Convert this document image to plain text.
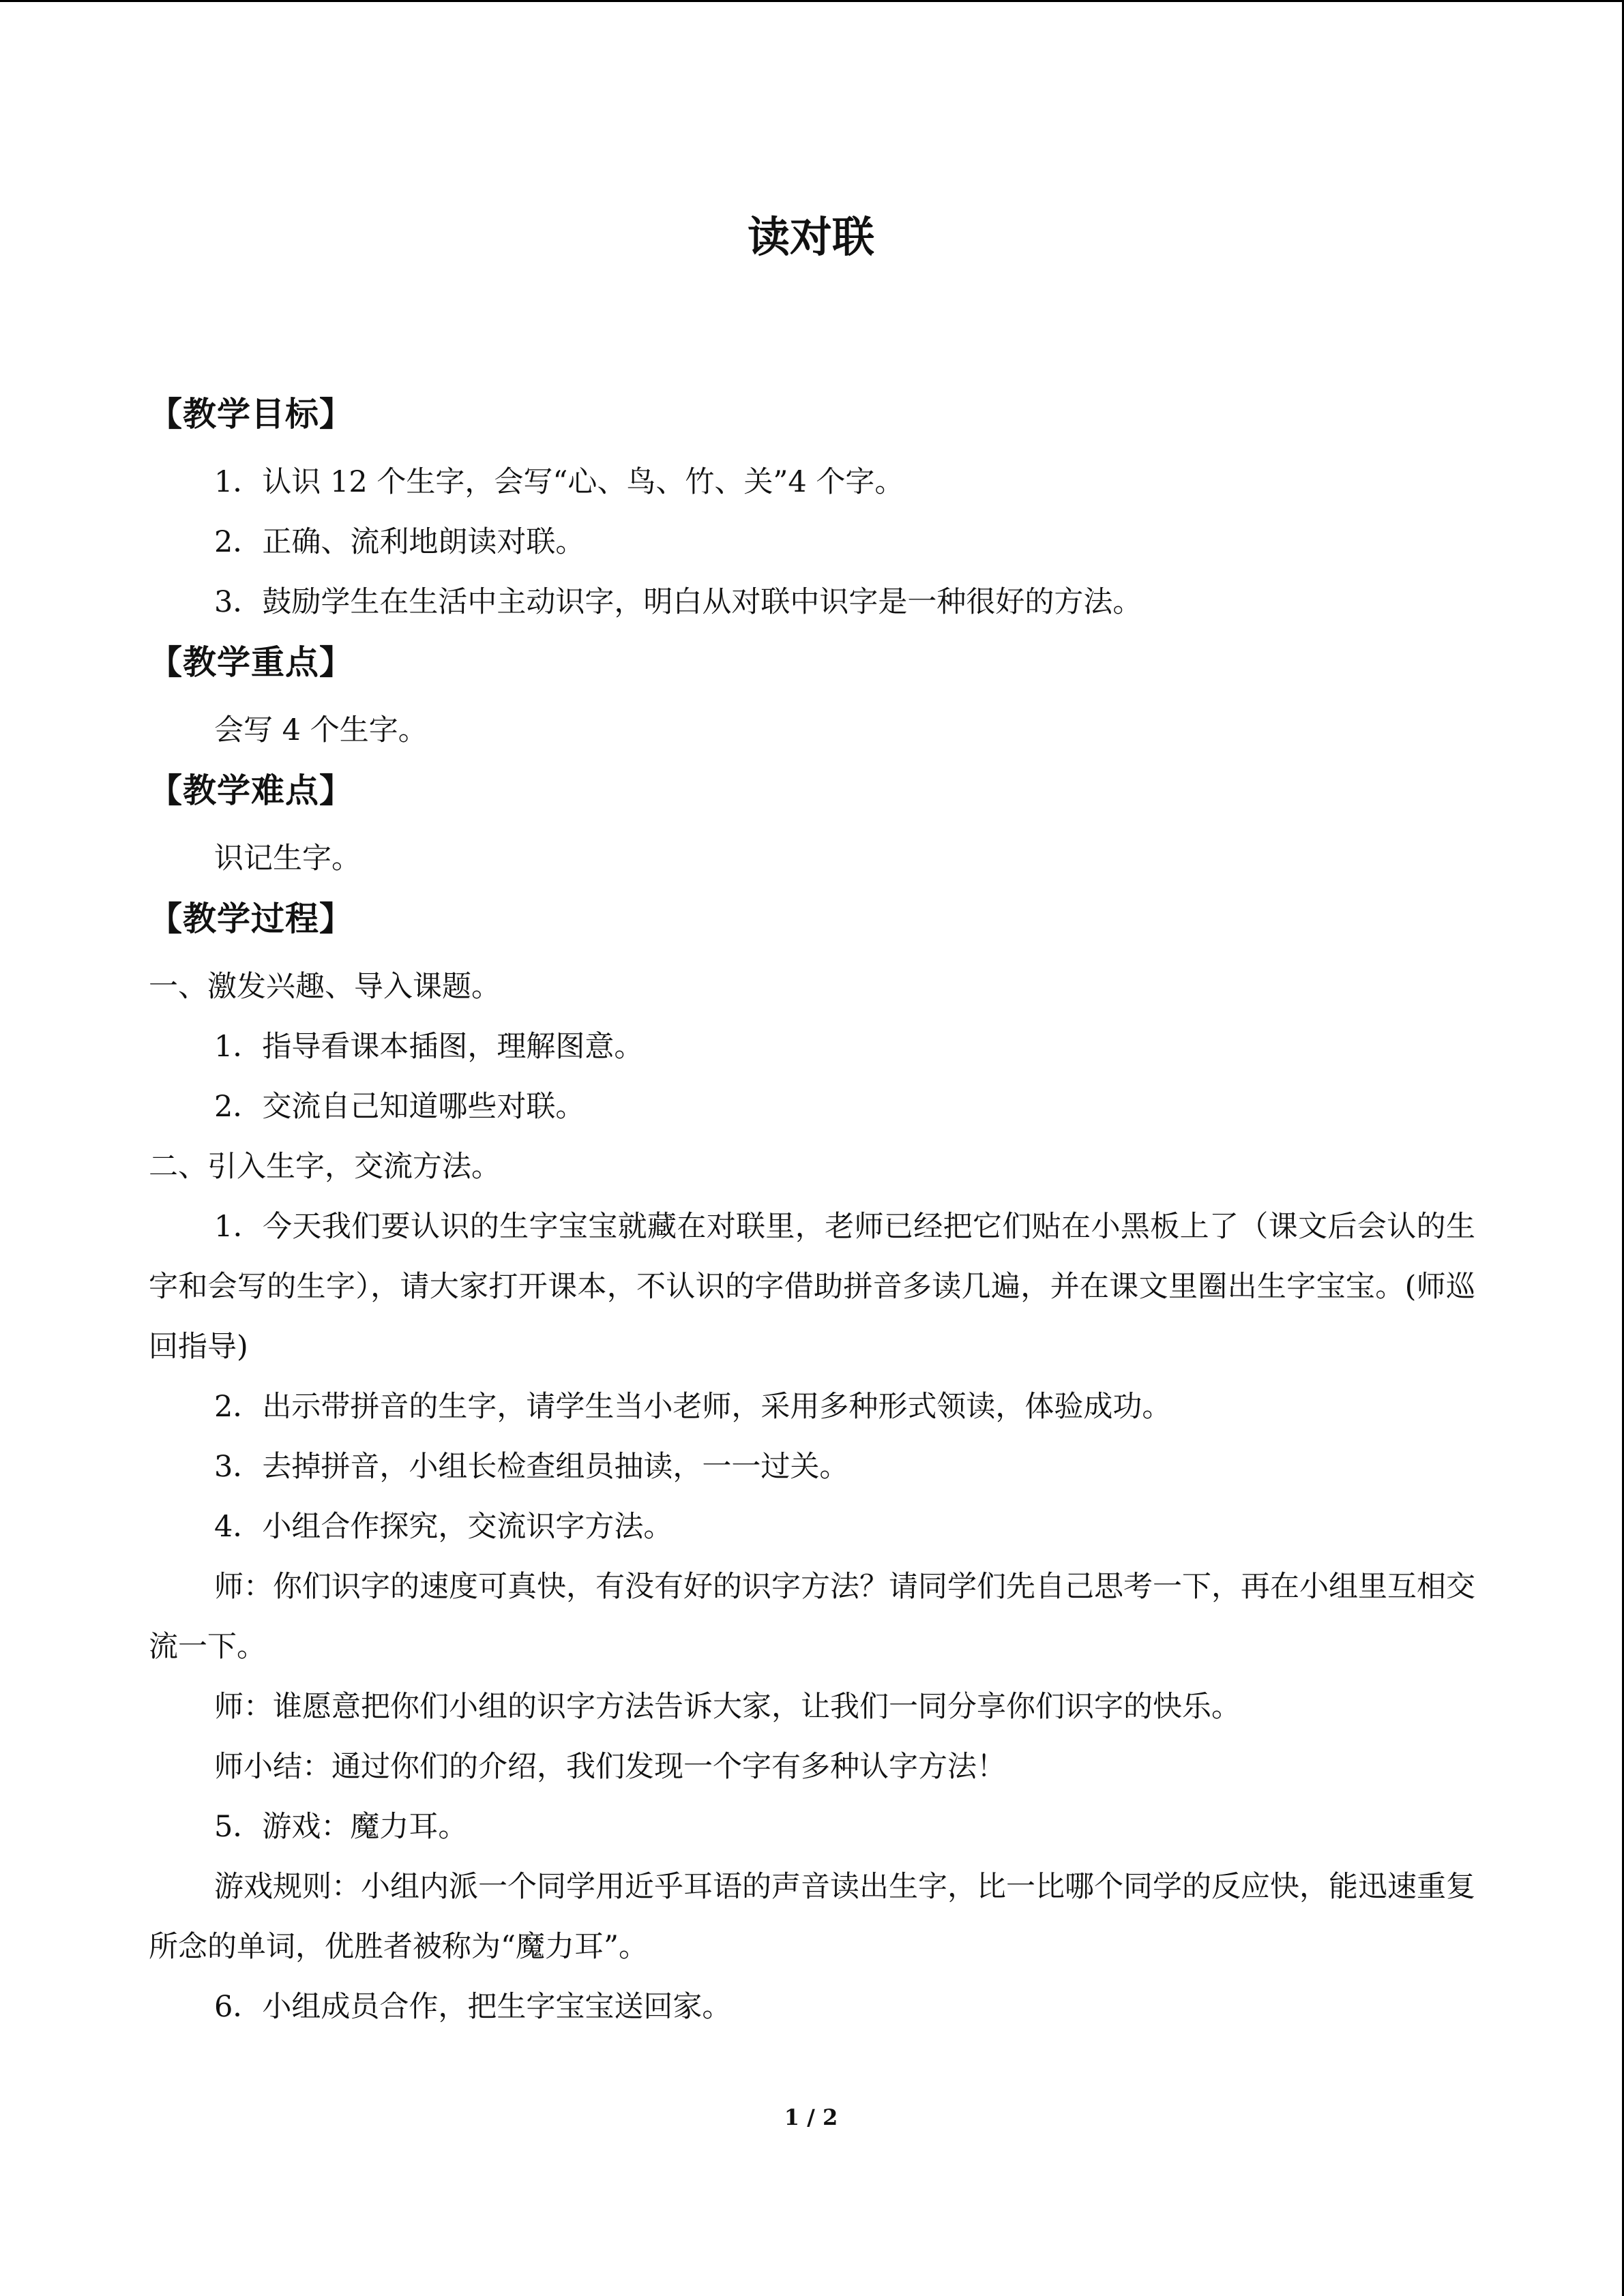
读对联
【教学目标】

1．认识 12 个生字，会写“心、鸟、竹、关”4 个字。

2．正确、流利地朗读对联。

3．鼓励学生在生活中主动识字，明白从对联中识字是一种很好的方法。

【教学重点】

会写 4 个生字。

【教学难点】

识记生字。

【教学过程】

一、激发兴趣、导入课题。

1．指导看课本插图，理解图意。

2．交流自己知道哪些对联。

二、引入生字，交流方法。

1．今天我们要认识的生字宝宝就藏在对联里，老师已经把它们贴在小黑板上了（课文后会认的生字和会写的生字），请大家打开课本，不认识的字借助拼音多读几遍，并在课文里圈出生字宝宝。(师巡回指导)

2．出示带拼音的生字，请学生当小老师，采用多种形式领读，体验成功。

3．去掉拼音，小组长检查组员抽读，一一过关。

4．小组合作探究，交流识字方法。

师：你们识字的速度可真快，有没有好的识字方法？请同学们先自己思考一下，再在小组里互相交流一下。

师：谁愿意把你们小组的识字方法告诉大家，让我们一同分享你们识字的快乐。

师小结：通过你们的介绍，我们发现一个字有多种认字方法！

5．游戏：魔力耳。

游戏规则：小组内派一个同学用近乎耳语的声音读出生字，比一比哪个同学的反应快，能迅速重复所念的单词，优胜者被称为“魔力耳”。

6．小组成员合作，把生字宝宝送回家。

1 / 2
